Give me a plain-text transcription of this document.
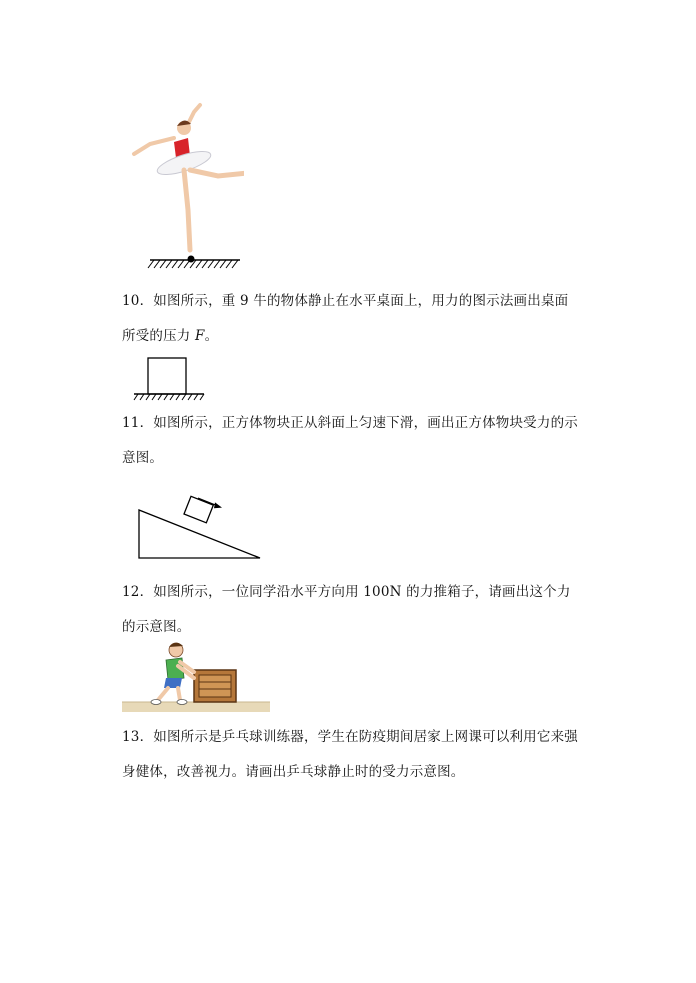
10．如图所示，重 9 牛的物体静止在水平桌面上，用力的图示法画出桌面所受的压力 F。

11．如图所示，正方体物块正从斜面上匀速下滑，画出正方体物块受力的示意图。

12．如图所示，一位同学沿水平方向用 100N 的力推箱子，请画出这个力的示意图。

13．如图所示是乒乓球训练器，学生在防疫期间居家上网课可以利用它来强身健体，改善视力。请画出乒乓球静止时的受力示意图。
